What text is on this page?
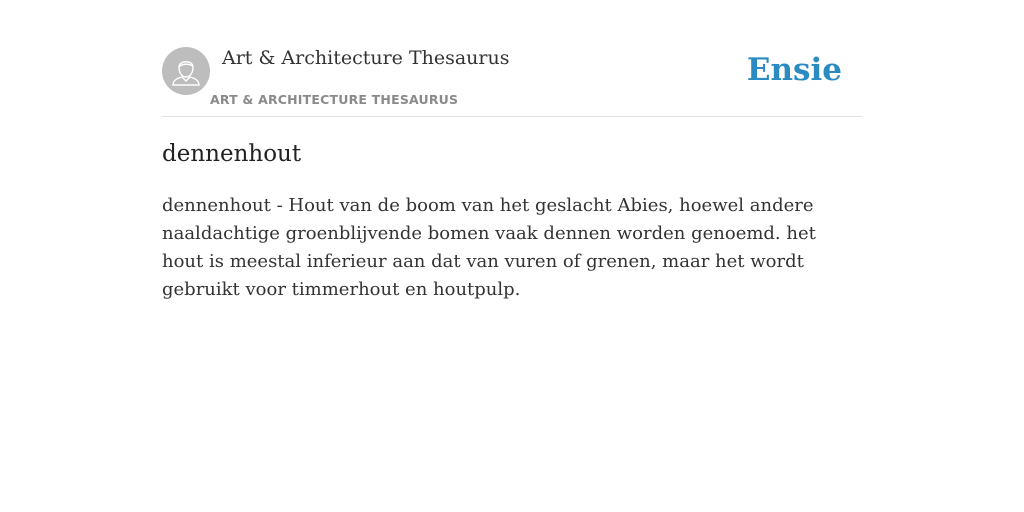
Art & Architecture Thesaurus
ART & ARCHITECTURE THESAURUS
Ensie
dennenhout

dennenhout - Hout van de boom van het geslacht Abies, hoewel andere naaldachtige groenblijvende bomen vaak dennen worden genoemd. het hout is meestal inferieur aan dat van vuren of grenen, maar het wordt gebruikt voor timmerhout en houtpulp.
